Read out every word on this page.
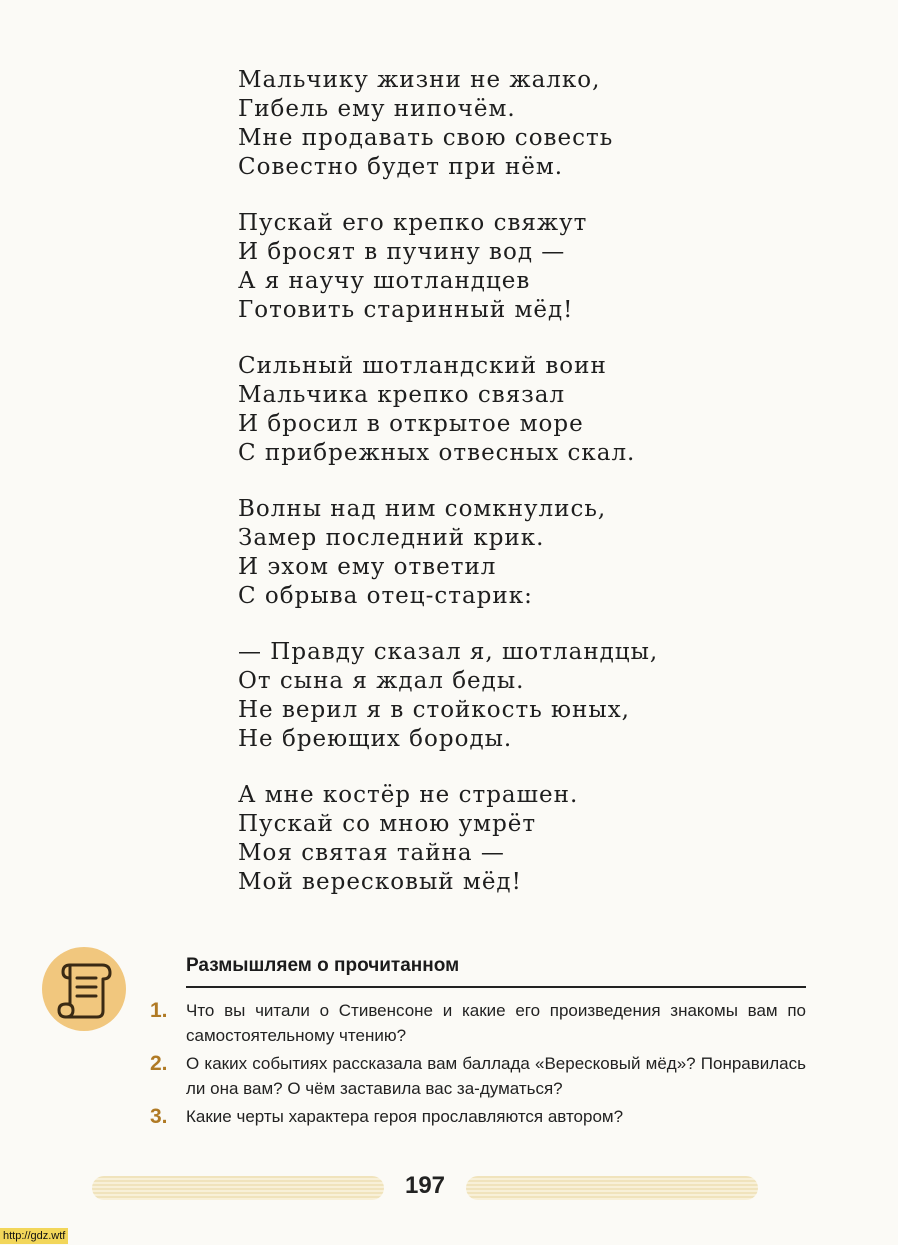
Мальчику жизни не жалко,
Гибель ему нипочём.
Мне продавать свою совесть
Совестно будет при нём.
Пускай его крепко свяжут
И бросят в пучину вод —
А я научу шотландцев
Готовить старинный мёд!
Сильный шотландский воин
Мальчика крепко связал
И бросил в открытое море
С прибрежных отвесных скал.
Волны над ним сомкнулись,
Замер последний крик.
И эхом ему ответил
С обрыва отец-старик:
— Правду сказал я, шотландцы,
От сына я ждал беды.
Не верил я в стойкость юных,
Не бреющих бороды.
А мне костёр не страшен.
Пускай со мною умрёт
Моя святая тайна —
Мой вересковый мёд!
Размышляем о прочитанном
1.	Что вы читали о Стивенсоне и какие его произведения знакомы вам по самостоятельному чтению?
2.	О каких событиях рассказала вам баллада «Вересковый мёд»? Понравилась ли она вам? О чём заставила вас за-думаться?
3.	Какие черты характера героя прославляются автором?
197
http://gdz.wtf
